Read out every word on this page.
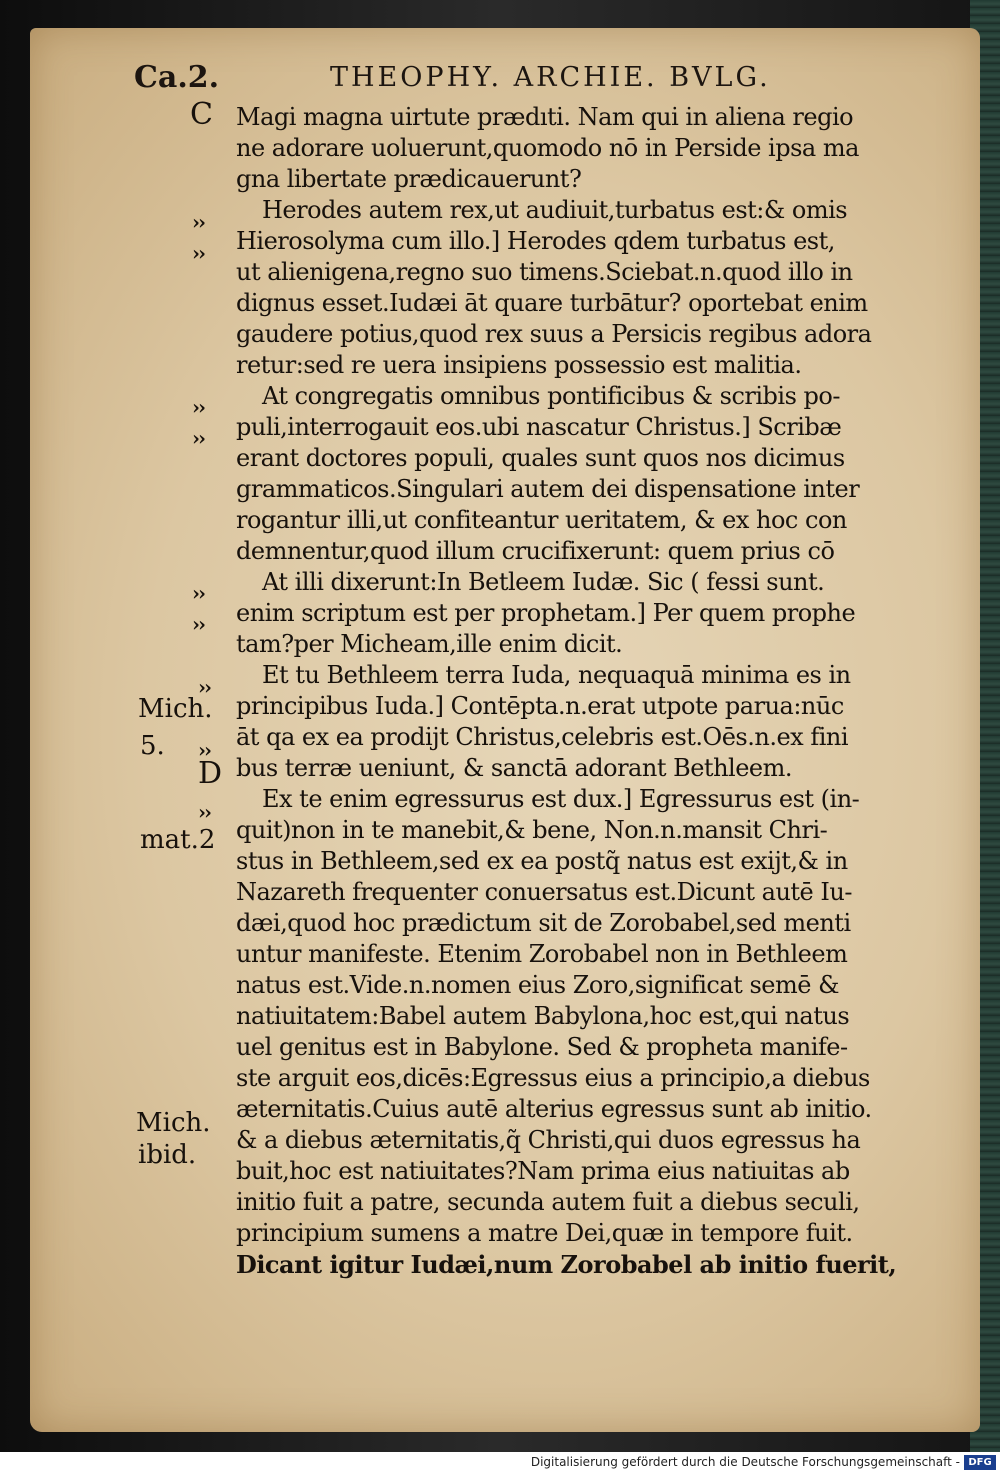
Ca.2.	THEOPHY. ARCHIE. BVLG.
C
››
››
››
››
››
››
››
Mich.
5. ››
D
››
mat.2
Mich.
ibid.
Magi magna uirtute prædıti. Nam qui in aliena regio
ne adorare uoluerunt,quomodo nō in Perside ipsa ma
gna libertate prædicauerunt?
Herodes autem rex,ut audiuit,turbatus est:& omis
Hierosolyma cum illo.] Herodes qdem turbatus est,
ut alienigena,regno suo timens.Sciebat.n.quod illo in
dignus esset.Iudæi āt quare turbātur? oportebat enim
gaudere potius,quod rex suus a Persicis regibus adora
retur:sed re uera insipiens possessio est malitia.
At congregatis omnibus pontificibus & scribis po-
puli,interrogauit eos.ubi nascatur Christus.] Scribæ
erant doctores populi, quales sunt quos nos dicimus
grammaticos.Singulari autem dei dispensatione inter
rogantur illi,ut confiteantur ueritatem, & ex hoc con
demnentur,quod illum crucifixerunt: quem prius cō
At illi dixerunt:In Betleem Iudæ. Sic ( fessi sunt.
enim scriptum est per prophetam.] Per quem prophe
tam?per Micheam,ille enim dicit.
Et tu Bethleem terra Iuda, nequaquā minima es in
principibus Iuda.] Contēpta.n.erat utpote parua:nūc
āt qa ex ea prodijt Christus,celebris est.Oēs.n.ex fini
bus terræ ueniunt, & sanctā adorant Bethleem.
Ex te enim egressurus est dux.] Egressurus est (in-
quit)non in te manebit,& bene, Non.n.mansit Chri-
stus in Bethleem,sed ex ea postq̃ natus est exijt,& in
Nazareth frequenter conuersatus est.Dicunt autē Iu-
dæi,quod hoc prædictum sit de Zorobabel,sed menti
untur manifeste. Etenim Zorobabel non in Bethleem
natus est.Vide.n.nomen eius Zoro,significat semē &
natiuitatem:Babel autem Babylona,hoc est,qui natus
uel genitus est in Babylone. Sed & propheta manife-
ste arguit eos,dicēs:Egressus eius a principio,a diebus
æternitatis.Cuius autē alterius egressus sunt ab initio.
& a diebus æternitatis,q̃ Christi,qui duos egressus ha
buit,hoc est natiuitates?Nam prima eius natiuitas ab
initio fuit a patre, secunda autem fuit a diebus seculi,
principium sumens a matre Dei,quæ in tempore fuit.
Dicant igitur Iudæi,num Zorobabel ab initio fuerit,
Digitalisierung gefördert durch die Deutsche Forschungsgemeinschaft - DFG
